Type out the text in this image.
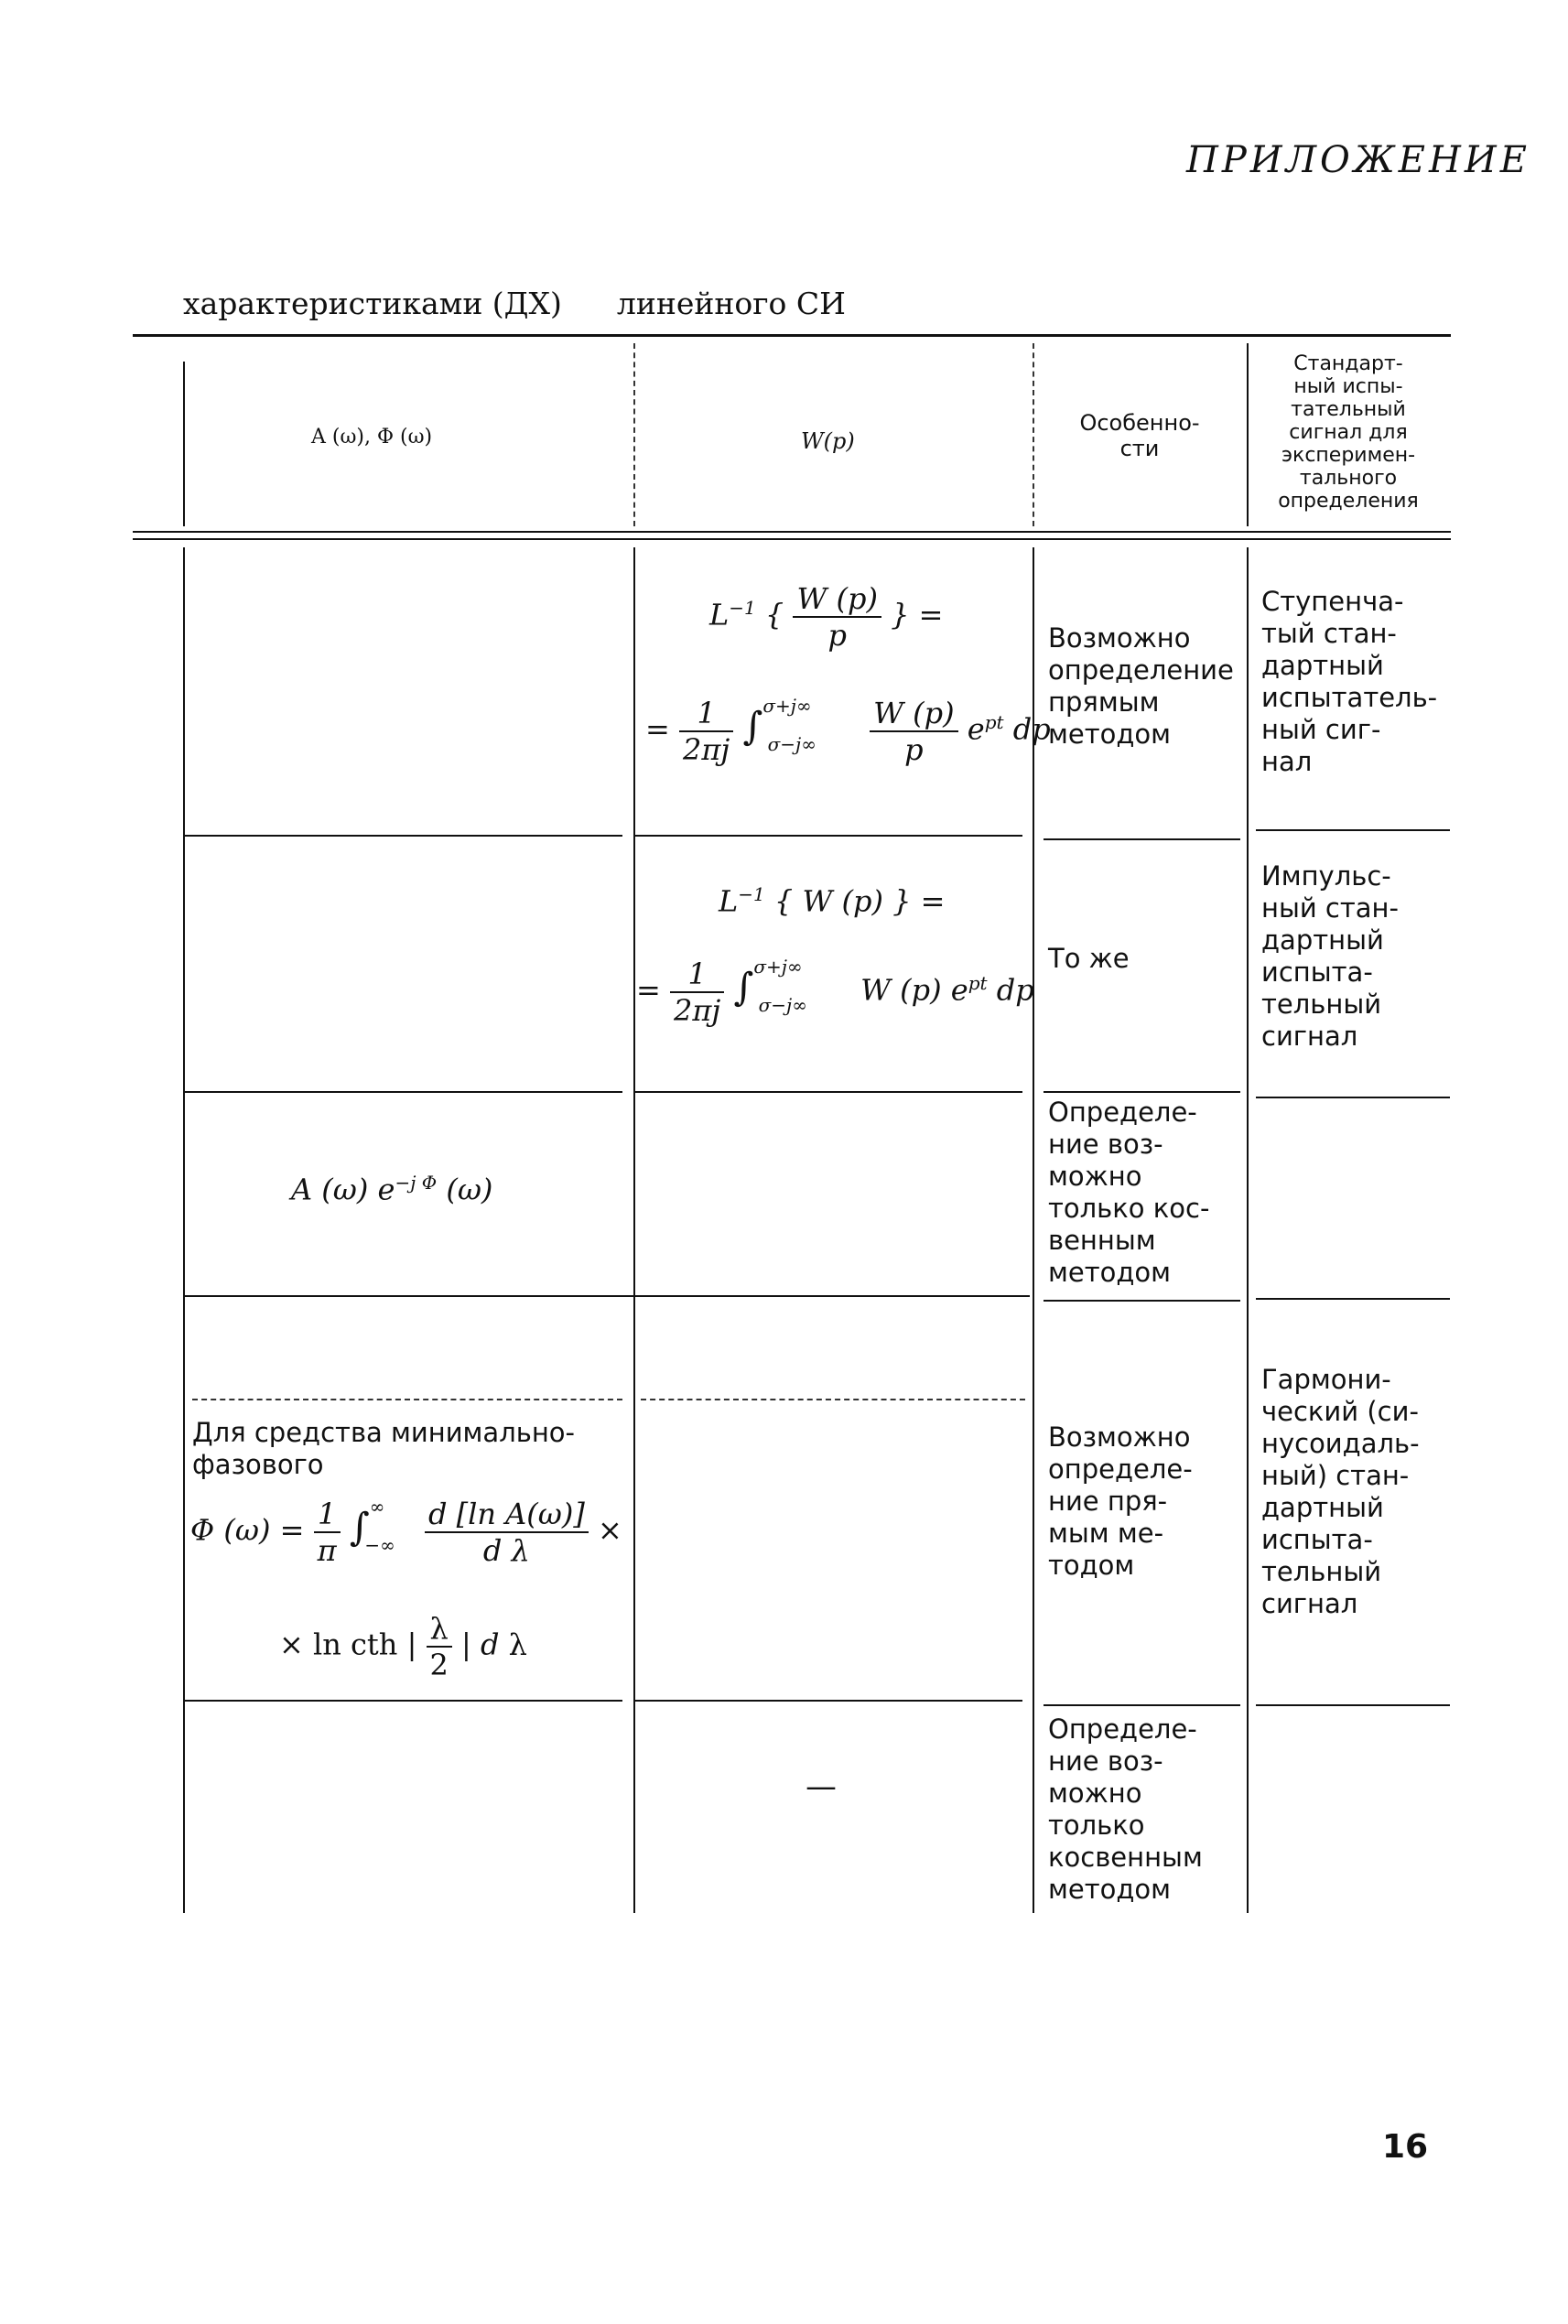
ПРИЛОЖЕНИЕ
характеристиками (ДХ) линейного СИ
A (ω), Φ (ω)	W(p)
Особенно-
сти
Стандарт-
ный испы-
тательный
сигнал для
эксперимен-
тального
определения
$L^{-1}$ { $\frac{W (p)}{p}$ } =
= $\frac{1}{2\pi j} \int^{\sigma+j\infty}_{\sigma-j\infty} \frac{W (p)}{p} e^{pt}$ dp
Возможно
определение
прямым
методом
Ступенча-
тый стан-
дартный
испытатель-
ный сиг-
нал
$L^{-1}$ { W (p) } =
= $\frac{1}{2\pi j} \int^{\sigma+j\infty}_{\sigma-j\infty}$ W (p) $e^{pt}$ dp
То же
Импульс-
ный стан-
дартный
испыта-
тельный
сигнал
A (ω) $e^{-j \Phi}$ (ω)
Определе-
ние воз-
можно
только кос-
венным
методом
Для средства минимально-
фазового
Φ $(\omega) = \frac{1}{\pi} \int^\infty_{-\infty} \frac{\text{d [ln A(ω)]}}{\text{d λ}}$ ×
× ln cth | $\frac{\lambda}{2}$ | d λ
Возможно
определе-
ние пря-
мым ме-
тодом
Гармони-
ческий (си-
нусоидаль-
ный) стан-
дартный
испыта-
тельный
сигнал
—
Определе-
ние воз-
можно
только
косвенным
методом
16
